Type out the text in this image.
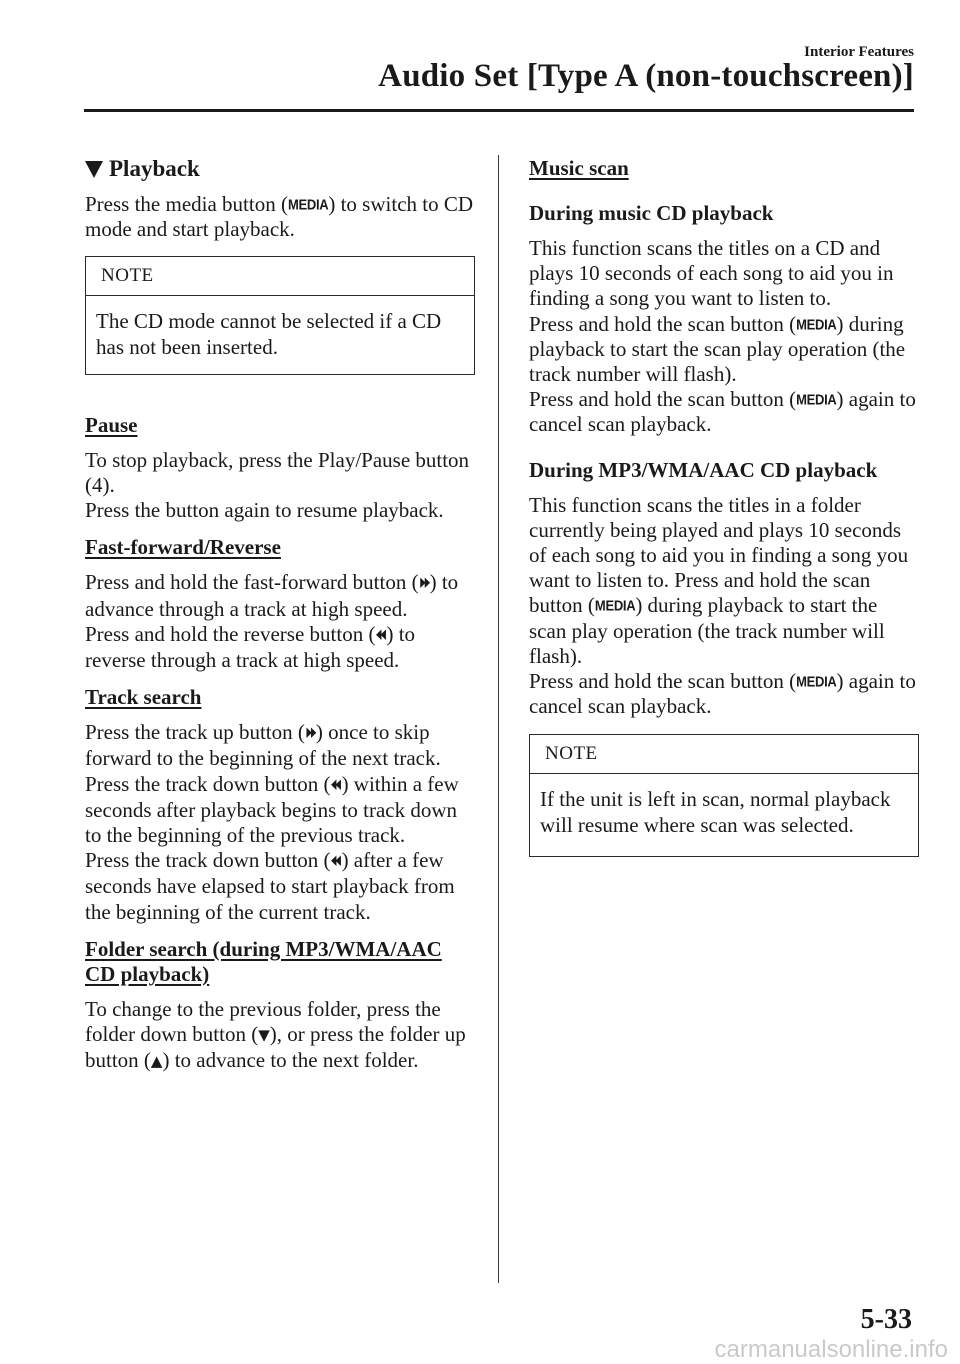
Interior Features
Audio Set [Type A (non-touchscreen)]
Playback

Press the media button (MEDIA) to switch to CD mode and start playback.

NOTE

The CD mode cannot be selected if a CD has not been inserted.

Pause

To stop playback, press the Play/Pause button (4).

Press the button again to resume playback.

Fast-forward/Reverse

Press and hold the fast-forward button (⏵⏵) to advance through a track at high speed.

Press and hold the reverse button (⏴⏴) to reverse through a track at high speed.

Track search

Press the track up button (⏵⏵) once to skip forward to the beginning of the next track.

Press the track down button (⏴⏴) within a few seconds after playback begins to track down to the beginning of the previous track.

Press the track down button (⏴⏴) after a few seconds have elapsed to start playback from the beginning of the current track.

Folder search (during MP3/WMA/AAC CD playback)

To change to the previous folder, press the folder down button (▼), or press the folder up button (▲) to advance to the next folder.

Music scan
During music CD playback

This function scans the titles on a CD and plays 10 seconds of each song to aid you in finding a song you want to listen to.

Press and hold the scan button (MEDIA) during playback to start the scan play operation (the track number will flash).

Press and hold the scan button (MEDIA) again to cancel scan playback.

During MP3/WMA/AAC CD playback

This function scans the titles in a folder currently being played and plays 10 seconds of each song to aid you in finding a song you want to listen to. Press and hold the scan button (MEDIA) during playback to start the scan play operation (the track number will flash).

Press and hold the scan button (MEDIA) again to cancel scan playback.

NOTE

If the unit is left in scan, normal playback will resume where scan was selected.

5-33
carmanualsonline.info
